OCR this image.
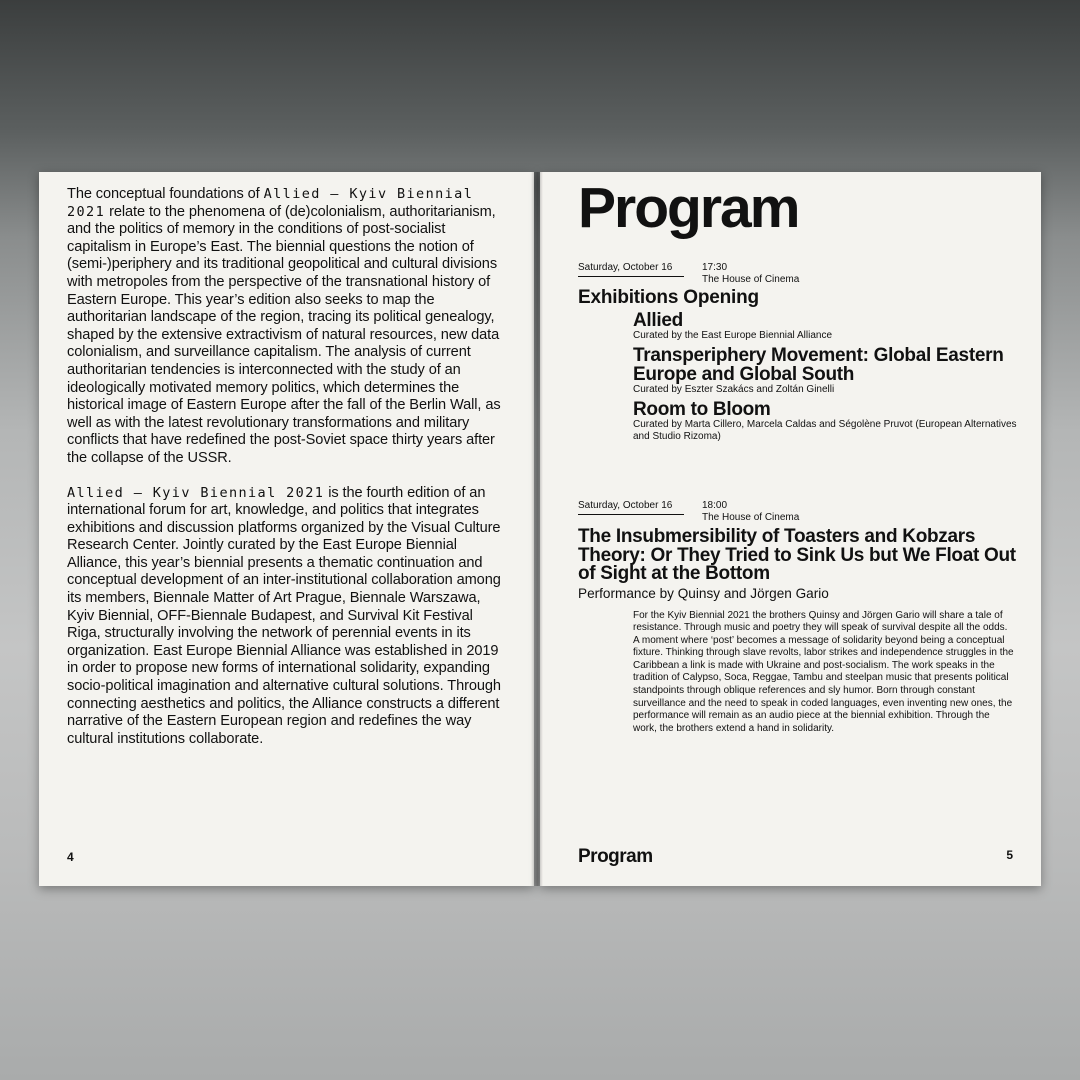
The conceptual foundations of Allied – Kyiv Biennial 2021 relate to the phenomena of (de)colonialism, authoritarianism, and the politics of memory in the conditions of post-socialist capitalism in Europe’s East. The biennial questions the notion of (semi-)periphery and its traditional geopolitical and cultural divisions with metropoles from the perspective of the transnational history of Eastern Europe. This year’s edition also seeks to map the authoritarian landscape of the region, tracing its political genealogy, shaped by the extensive extractivism of natural resources, new data colonialism, and surveillance capitalism. The analysis of current authoritarian tendencies is interconnected with the study of an ideologically motivated memory politics, which determines the historical image of Eastern Europe after the fall of the Berlin Wall, as well as with the latest revolutionary transformations and military conflicts that have redefined the post-Soviet space thirty years after the collapse of the USSR.

Allied – Kyiv Biennial 2021 is the fourth edition of an international forum for art, knowledge, and politics that integrates exhibitions and discussion platforms organized by the Visual Culture Research Center. Jointly curated by the East Europe Biennial Alliance, this year’s biennial presents a thematic continuation and conceptual development of an inter-institutional collaboration among its members, Biennale Matter of Art Prague, Biennale Warszawa, Kyiv Biennial, OFF-Biennale Budapest, and Survival Kit Festival Riga, structurally involving the network of perennial events in its organization. East Europe Biennial Alliance was established in 2019 in order to propose new forms of international solidarity, expanding socio-political imagination and alternative cultural solutions. Through connecting aesthetics and politics, the Alliance constructs a different narrative of the Eastern European region and redefines the way cultural institutions collaborate.

4
Program
Saturday, October 16	17:30
The House of Cinema
Exhibitions Opening
Allied
Curated by the East Europe Biennial Alliance
Transperiphery Movement: Global Eastern Europe and Global South
Curated by Eszter Szakács and Zoltán Ginelli
Room to Bloom
Curated by Marta Cillero, Marcela Caldas and Ségolène Pruvot (European Alternatives and Studio Rizoma)
Saturday, October 16	18:00
The House of Cinema
The Insubmersibility of Toasters and Kobzars Theory: Or They Tried to Sink Us but We Float Out of Sight at the Bottom
Performance by Quinsy and Jörgen Gario
For the Kyiv Biennial 2021 the brothers Quinsy and Jörgen Gario will share a tale of resistance. Through music and poetry they will speak of survival despite all the odds. A moment where ‘post’ becomes a message of solidarity beyond being a conceptual fixture. Thinking through slave revolts, labor strikes and independence struggles in the Caribbean a link is made with Ukraine and post-socialism. The work speaks in the tradition of Calypso, Soca, Reggae, Tambu and steelpan music that presents political standpoints through oblique references and sly humor. Born through constant surveillance and the need to speak in coded languages, even inventing new ones, the performance will remain as an audio piece at the biennial exhibition. Through the work, the brothers extend a hand in solidarity.
Program	5
